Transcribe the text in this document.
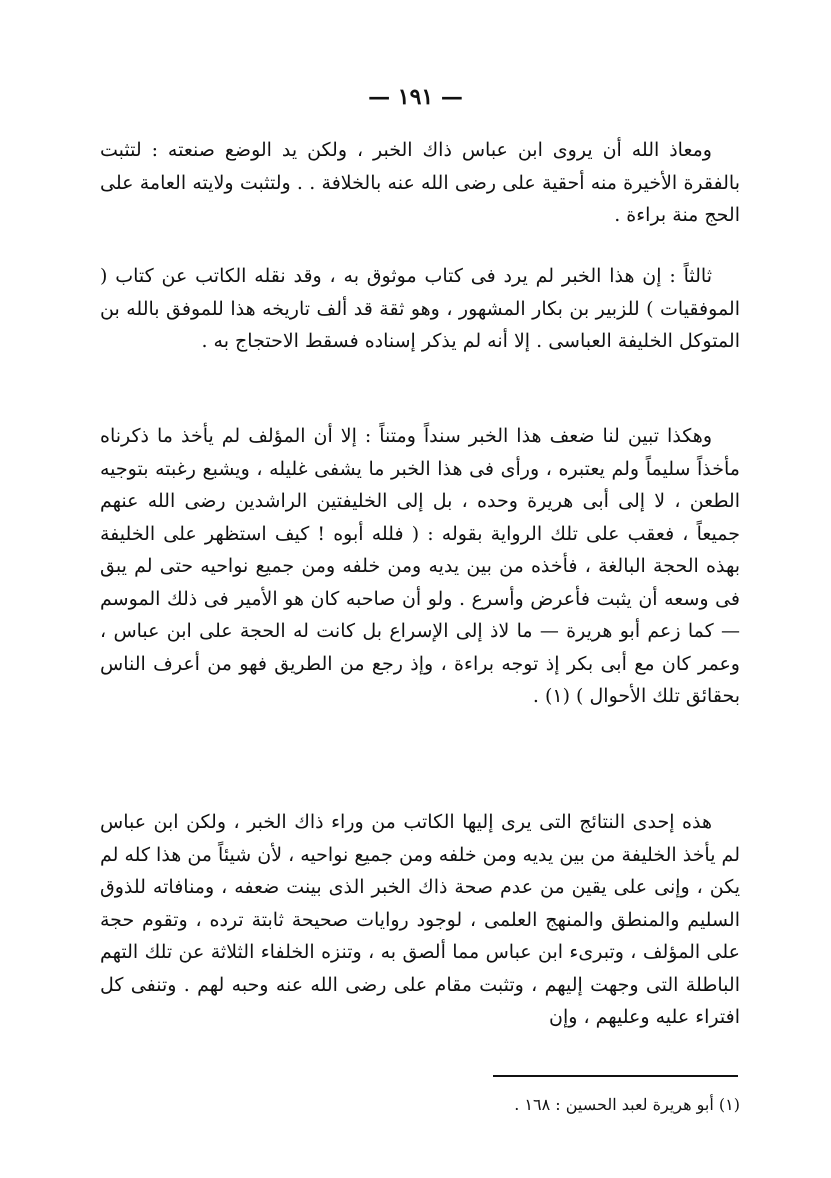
— ١٩١ —

ومعاذ الله أن يروى ابن عباس ذاك الخبر ، ولكن يد الوضع صنعته : لتثبت بالفقرة الأخيرة منه أحقية على رضى الله عنه بالخلافة . . ولتثبت ولايته العامة على الحج منة براءة .

ثالثاً : إن هذا الخبر لم يرد فى كتاب موثوق به ، وقد نقله الكاتب عن كتاب ( الموفقيات ) للزبير بن بكار المشهور ، وهو ثقة قد ألف تاريخه هذا للموفق بالله بن المتوكل الخليفة العباسى . إلا أنه لم يذكر إسناده فسقط الاحتجاج به .

وهكذا تبين لنا ضعف هذا الخبر سنداً ومتناً : إلا أن المؤلف لم يأخذ ما ذكرناه مأخذاً سليماً ولم يعتبره ، ورأى فى هذا الخبر ما يشفى غليله ، ويشبع رغبته بتوجيه الطعن ، لا إلى أبى هريرة وحده ، بل إلى الخليفتين الراشدين رضى الله عنهم جميعاً ، فعقب على تلك الرواية بقوله : ( فلله أبوه ! كيف استظهر على الخليفة بهذه الحجة البالغة ، فأخذه من بين يديه ومن خلفه ومن جميع نواحيه حتى لم يبق فى وسعه أن يثبت فأعرض وأسرع . ولو أن صاحبه كان هو الأمير فى ذلك الموسم — كما زعم أبو هريرة — ما لاذ إلى الإسراع بل كانت له الحجة على ابن عباس ، وعمر كان مع أبى بكر إذ توجه براءة ، وإذ رجع من الطريق فهو من أعرف الناس بحقائق تلك الأحوال ) (١) .

هذه إحدى النتائج التى يرى إليها الكاتب من وراء ذاك الخبر ، ولكن ابن عباس لم يأخذ الخليفة من بين يديه ومن خلفه ومن جميع نواحيه ، لأن شيئاً من هذا كله لم يكن ، وإنى على يقين من عدم صحة ذاك الخبر الذى بينت ضعفه ، ومنافاته للذوق السليم والمنطق والمنهج العلمى ، لوجود روايات صحيحة ثابتة ترده ، وتقوم حجة على المؤلف ، وتبرىء ابن عباس مما ألصق به ، وتنزه الخلفاء الثلاثة عن تلك التهم الباطلة التى وجهت إليهم ، وتثبت مقام على رضى الله عنه وحبه لهم . وتنفى كل افتراء عليه وعليهم ، وإن

(١) أبو هريرة لعبد الحسين : ١٦٨ .
